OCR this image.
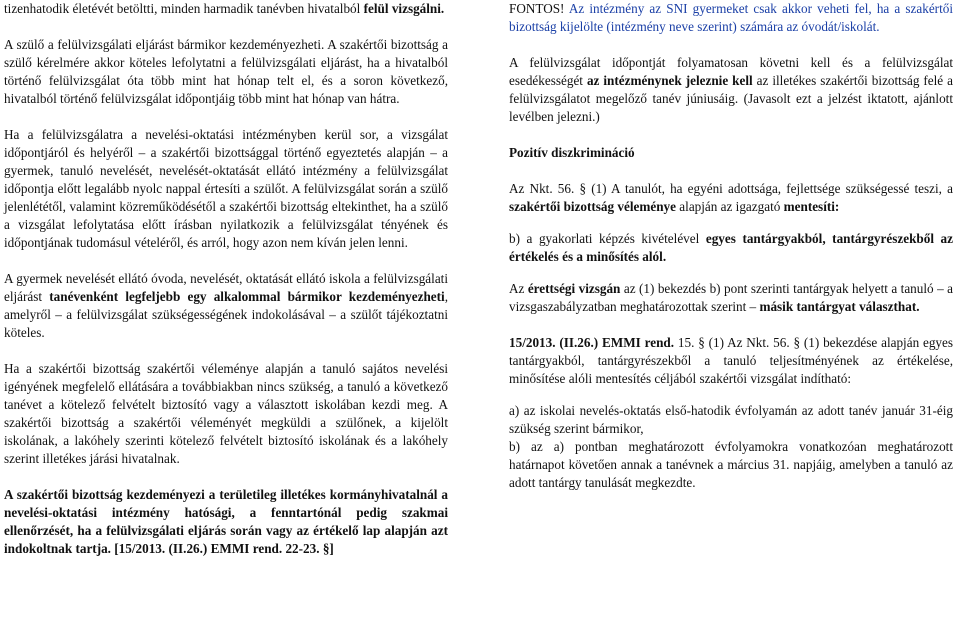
tizenhatodik életévét betöltti, minden harmadik tanévben hivatalból felül vizsgálni.

A szülő a felülvizsgálati eljárást bármikor kezdeményezheti. A szakértői bizottság a szülő kérelmére akkor köteles lefolytatni a felülvizsgálati eljárást, ha a hivatalból történő felülvizsgálat óta több mint hat hónap telt el, és a soron következő, hivatalból történő felülvizsgálat időpontjáig több mint hat hónap van hátra.

Ha a felülvizsgálatra a nevelési-oktatási intézményben kerül sor, a vizsgálat időpontjáról és helyéről – a szakértői bizottsággal történő egyeztetés alapján – a gyermek, tanuló nevelését, nevelését-oktatását ellátó intézmény a felülvizsgálat időpontja előtt legalább nyolc nappal értesíti a szülőt. A felülvizsgálat során a szülő jelenlététől, valamint közreműködésétől a szakértői bizottság eltekinthet, ha a szülő a vizsgálat lefolytatása előtt írásban nyilatkozik a felülvizsgálat tényének és időpontjának tudomásul vételéről, és arról, hogy azon nem kíván jelen lenni.

A gyermek nevelését ellátó óvoda, nevelését, oktatását ellátó iskola a felülvizsgálati eljárást tanévenként legfeljebb egy alkalommal bármikor kezdeményezheti, amelyről – a felülvizsgálat szükségességének indokolásával – a szülőt tájékoztatni köteles.

Ha a szakértői bizottság szakértői véleménye alapján a tanuló sajátos nevelési igényének megfelelő ellátására a továbbiakban nincs szükség, a tanuló a következő tanévet a kötelező felvételt biztosító vagy a választott iskolában kezdi meg. A szakértői bizottság a szakértői véleményét megküldi a szülőnek, a kijelölt iskolának, a lakóhely szerinti kötelező felvételt biztosító iskolának és a lakóhely szerint illetékes járási hivatalnak.

A szakértői bizottság kezdeményezi a területileg illetékes kormányhivatalnál a nevelési-oktatási intézmény hatósági, a fenntartónál pedig szakmai ellenőrzését, ha a felülvizsgálati eljárás során vagy az értékelő lap alapján azt indokoltnak tartja. [15/2013. (II.26.) EMMI rend. 22-23. §]

FONTOS! Az intézmény az SNI gyermeket csak akkor veheti fel, ha a szakértői bizottság kijelölte (intézmény neve szerint) számára az óvodát/iskolát.

A felülvizsgálat időpontját folyamatosan követni kell és a felülvizsgálat esedékességét az intézménynek jeleznie kell az illetékes szakértői bizottság felé a felülvizsgálatot megelőző tanév júniusáig. (Javasolt ezt a jelzést iktatott, ajánlott levélben jelezni.)

Pozitív diszkrimináció

Az Nkt. 56. § (1) A tanulót, ha egyéni adottsága, fejlettsége szükségessé teszi, a szakértői bizottság véleménye alapján az igazgató mentesíti:

b) a gyakorlati képzés kivételével egyes tantárgyakból, tantárgyrészekből az értékelés és a minősítés alól.

Az érettségi vizsgán az (1) bekezdés b) pont szerinti tantárgyak helyett a tanuló – a vizsgaszabályzatban meghatározottak szerint – másik tantárgyat választhat.

15/2013. (II.26.) EMMI rend. 15. § (1) Az Nkt. 56. § (1) bekezdése alapján egyes tantárgyakból, tantárgyrészekből a tanuló teljesítményének az értékelése, minősítése alóli mentesítés céljából szakértői vizsgálat indítható:

a) az iskolai nevelés-oktatás első-hatodik évfolyamán az adott tanév január 31-éig szükség szerint bármikor,

b) az a) pontban meghatározott évfolyamokra vonatkozóan meghatározott határnapot követően annak a tanévnek a március 31. napjáig, amelyben a tanuló az adott tantárgy tanulását megkezdte.
